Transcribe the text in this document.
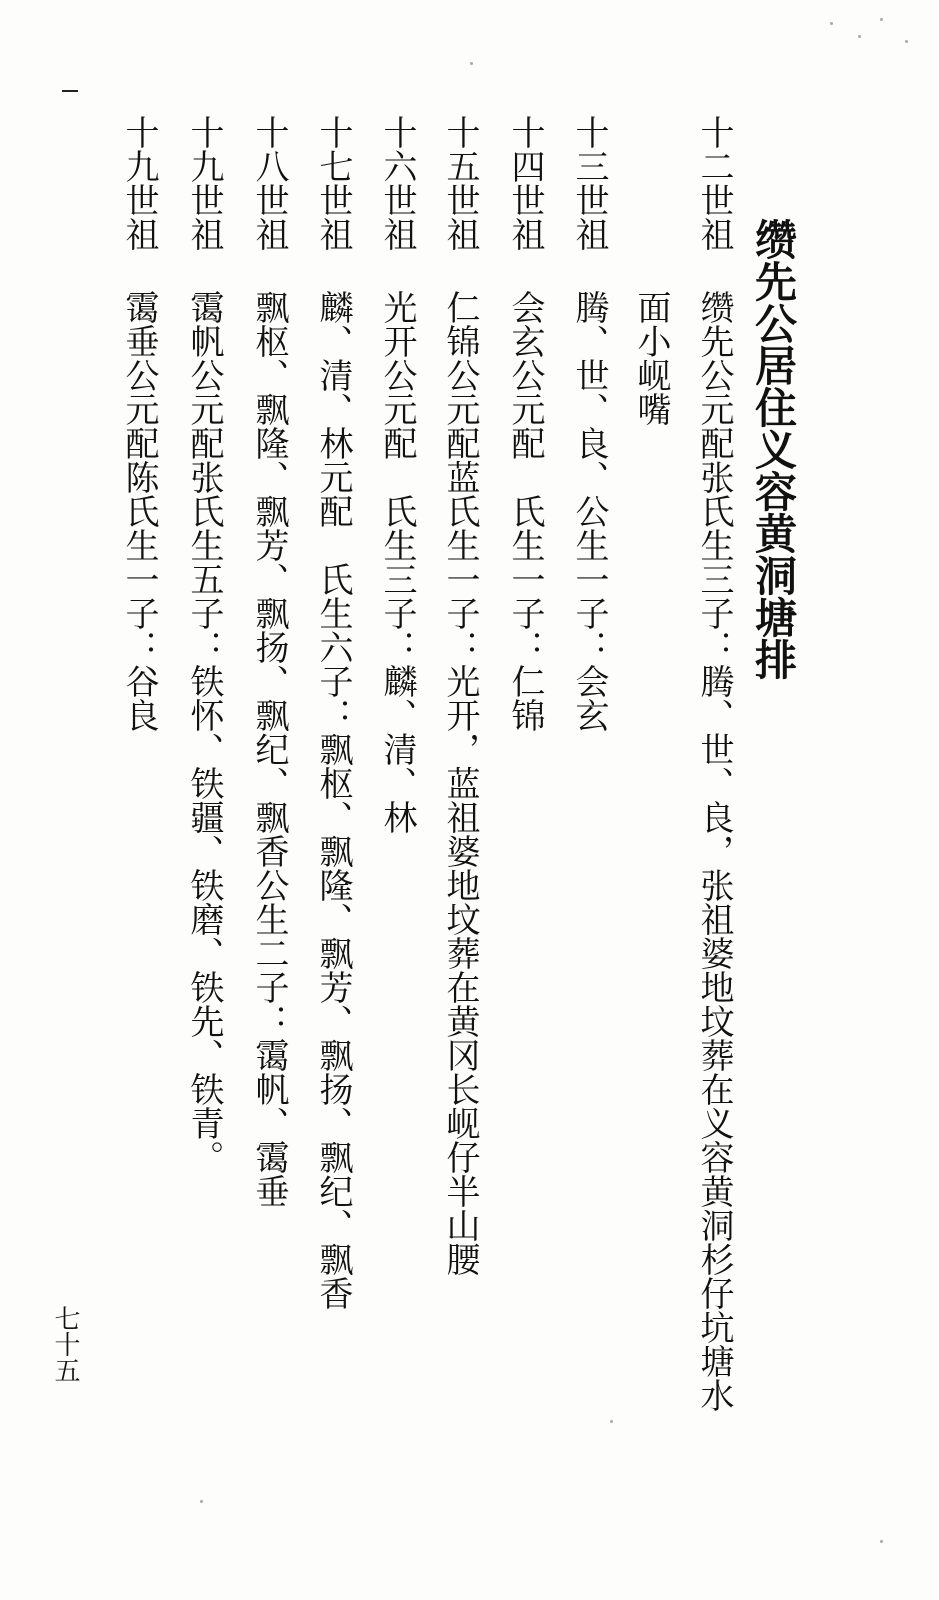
缵先公居住义容黄洞塘排
十二世祖
缵先公元配张氏生三子：腾、世、良，张祖婆地坟葬在义容黄洞杉仔坑塘水
面小岘嘴
十三世祖
腾、世、良、公生一子：会玄
十四世祖
会玄公元配　氏生一子：仁锦
十五世祖
仁锦公元配蓝氏生一子：光开，蓝祖婆地坟葬在黄冈长岘仔半山腰
十六世祖
光开公元配　氏生三子：麟、清、林
十七世祖
麟、清、林元配　氏生六子：飘枢、飘隆、飘芳、飘扬、飘纪、飘香
十八世祖
飘枢、飘隆、飘芳、飘扬、飘纪、飘香公生二子：霭帆、霭垂
十九世祖
霭帆公元配张氏生五子：铁怀、铁疆、铁磨、铁先、铁青。
十九世祖
霭垂公元配陈氏生一子：谷良
七十五
